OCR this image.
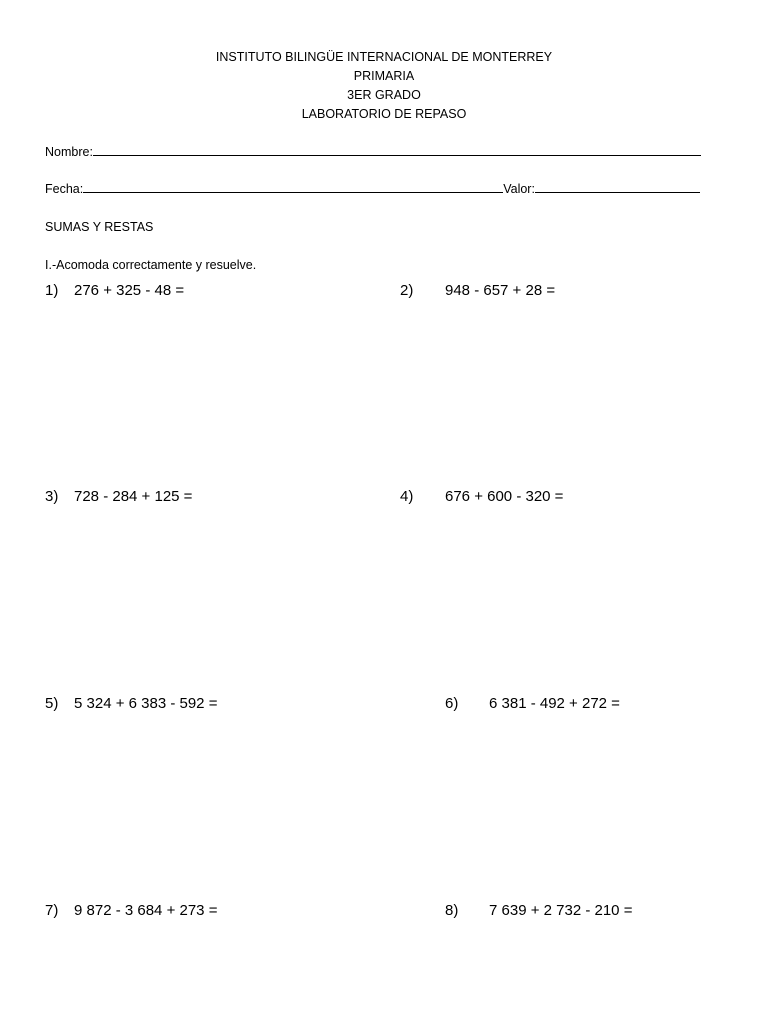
INSTITUTO BILINGÜE INTERNACIONAL DE MONTERREY
PRIMARIA
3ER GRADO
LABORATORIO DE REPASO
Nombre:
Fecha:	Valor:
SUMAS Y RESTAS
I.-Acomoda correctamente y resuelve.
1) 276 + 325 - 48 =	2) 948 - 657 + 28 =
3) 728 - 284 + 125 =	4) 676 + 600 - 320 =
5) 5 324 + 6 383 - 592 =	6) 6 381 - 492 + 272 =
7) 9 872 - 3 684 + 273 =	8) 7 639 + 2 732 - 210 =
